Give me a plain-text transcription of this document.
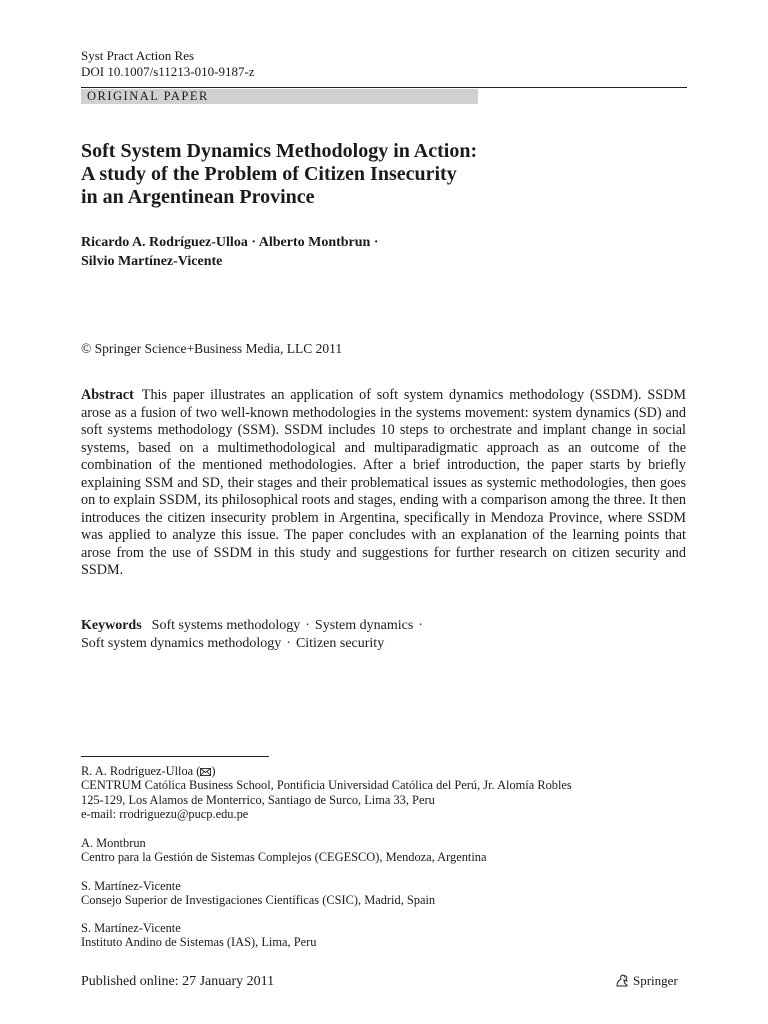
Syst Pract Action Res
DOI 10.1007/s11213-010-9187-z
ORIGINAL PAPER
Soft System Dynamics Methodology in Action:
A study of the Problem of Citizen Insecurity
in an Argentinean Province
Ricardo A. Rodríguez-Ulloa · Alberto Montbrun ·
Silvio Martínez-Vicente
© Springer Science+Business Media, LLC 2011

Abstract This paper illustrates an application of soft system dynamics methodology (SSDM). SSDM arose as a fusion of two well-known methodologies in the systems movement: system dynamics (SD) and soft systems methodology (SSM). SSDM includes 10 steps to orchestrate and implant change in social systems, based on a multimethodological and multiparadigmatic approach as an outcome of the combination of the mentioned methodologies. After a brief introduction, the paper starts by briefly explaining SSM and SD, their stages and their problematical issues as systemic methodologies, then goes on to explain SSDM, its philosophical roots and stages, ending with a comparison among the three. It then introduces the citizen insecurity problem in Argentina, specifically in Mendoza Province, where SSDM was applied to analyze this issue. The paper concludes with an explanation of the learning points that arose from the use of SSDM in this study and suggestions for further research on citizen security and SSDM.

Keywords Soft systems methodology · System dynamics ·
Soft system dynamics methodology · Citizen security
R. A. Rodríguez-Ulloa ( )
CENTRUM Católica Business School, Pontificia Universidad Católica del Perú, Jr. Alomía Robles
125-129, Los Alamos de Monterrico, Santiago de Surco, Lima 33, Peru
e-mail: rrodriguezu@pucp.edu.pe
A. Montbrun
Centro para la Gestión de Sistemas Complejos (CEGESCO), Mendoza, Argentina
S. Martínez-Vicente
Consejo Superior de Investigaciones Científicas (CSIC), Madrid, Spain
S. Martínez-Vicente
Instituto Andino de Sistemas (IAS), Lima, Peru
Published online: 27 January 2011	Springer
